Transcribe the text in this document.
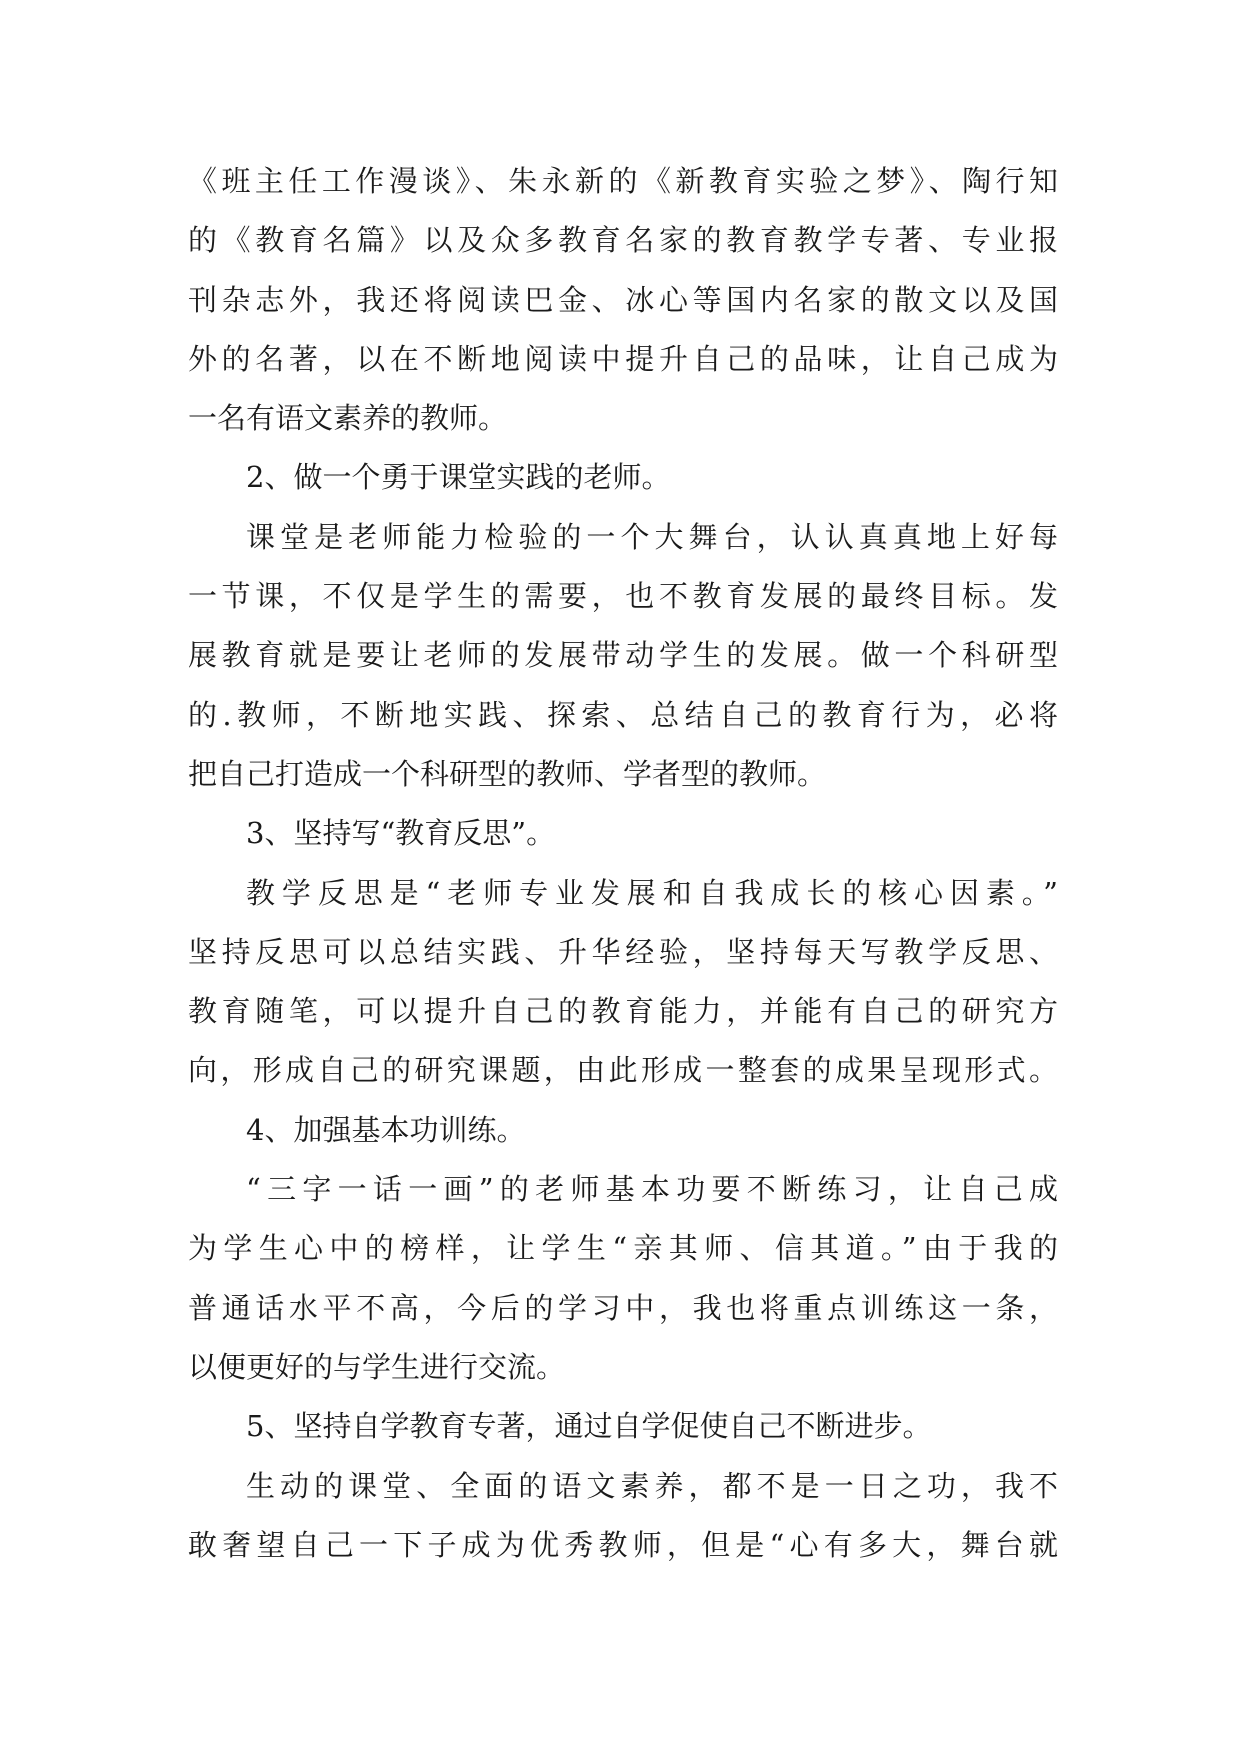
《班主任工作漫谈》、朱永新的《新教育实验之梦》、陶行知
的《教育名篇》以及众多教育名家的教育教学专著、专业报
刊杂志外，我还将阅读巴金、冰心等国内名家的散文以及国
外的名著，以在不断地阅读中提升自己的品味，让自己成为
一名有语文素养的教师。
2、做一个勇于课堂实践的老师。
课堂是老师能力检验的一个大舞台，认认真真地上好每
一节课，不仅是学生的需要，也不教育发展的最终目标。发
展教育就是要让老师的发展带动学生的发展。做一个科研型
的.教师，不断地实践、探索、总结自己的教育行为，必将
把自己打造成一个科研型的教师、学者型的教师。
3、坚持写“教育反思”。
教学反思是“老师专业发展和自我成长的核心因素。”
坚持反思可以总结实践、升华经验，坚持每天写教学反思、
教育随笔，可以提升自己的教育能力，并能有自己的研究方
向，形成自己的研究课题，由此形成一整套的成果呈现形式。
4、加强基本功训练。
“三字一话一画”的老师基本功要不断练习，让自己成
为学生心中的榜样，让学生“亲其师、信其道。”由于我的
普通话水平不高，今后的学习中，我也将重点训练这一条，
以便更好的与学生进行交流。
5、坚持自学教育专著，通过自学促使自己不断进步。
生动的课堂、全面的语文素养，都不是一日之功，我不
敢奢望自己一下子成为优秀教师，但是“心有多大，舞台就
